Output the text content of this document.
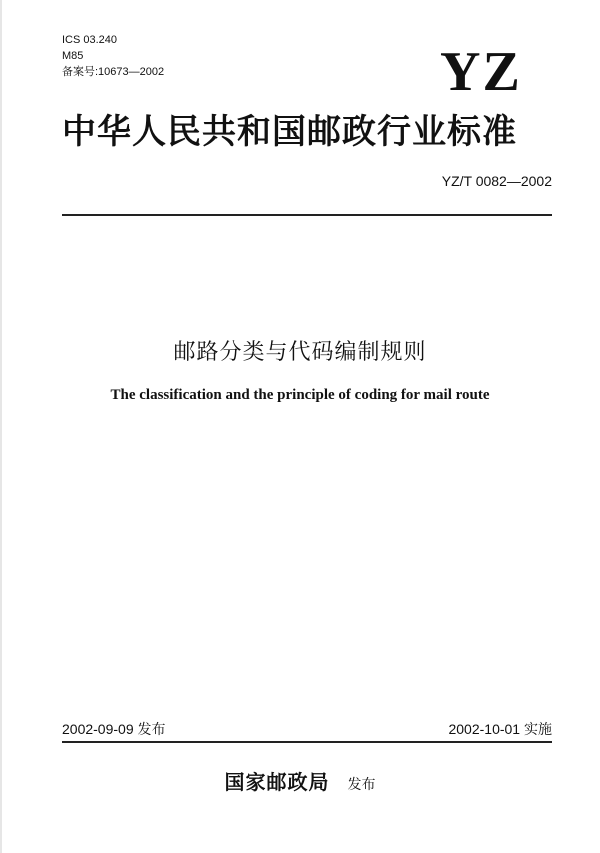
ICS 03.240
M85
备案号:10673—2002	YZ
中华人民共和国邮政行业标准
YZ/T 0082—2002
邮路分类与代码编制规则
The classification and the principle of coding for mail route
2002-09-09 发布	2002-10-01 实施
国家邮政局 发布
